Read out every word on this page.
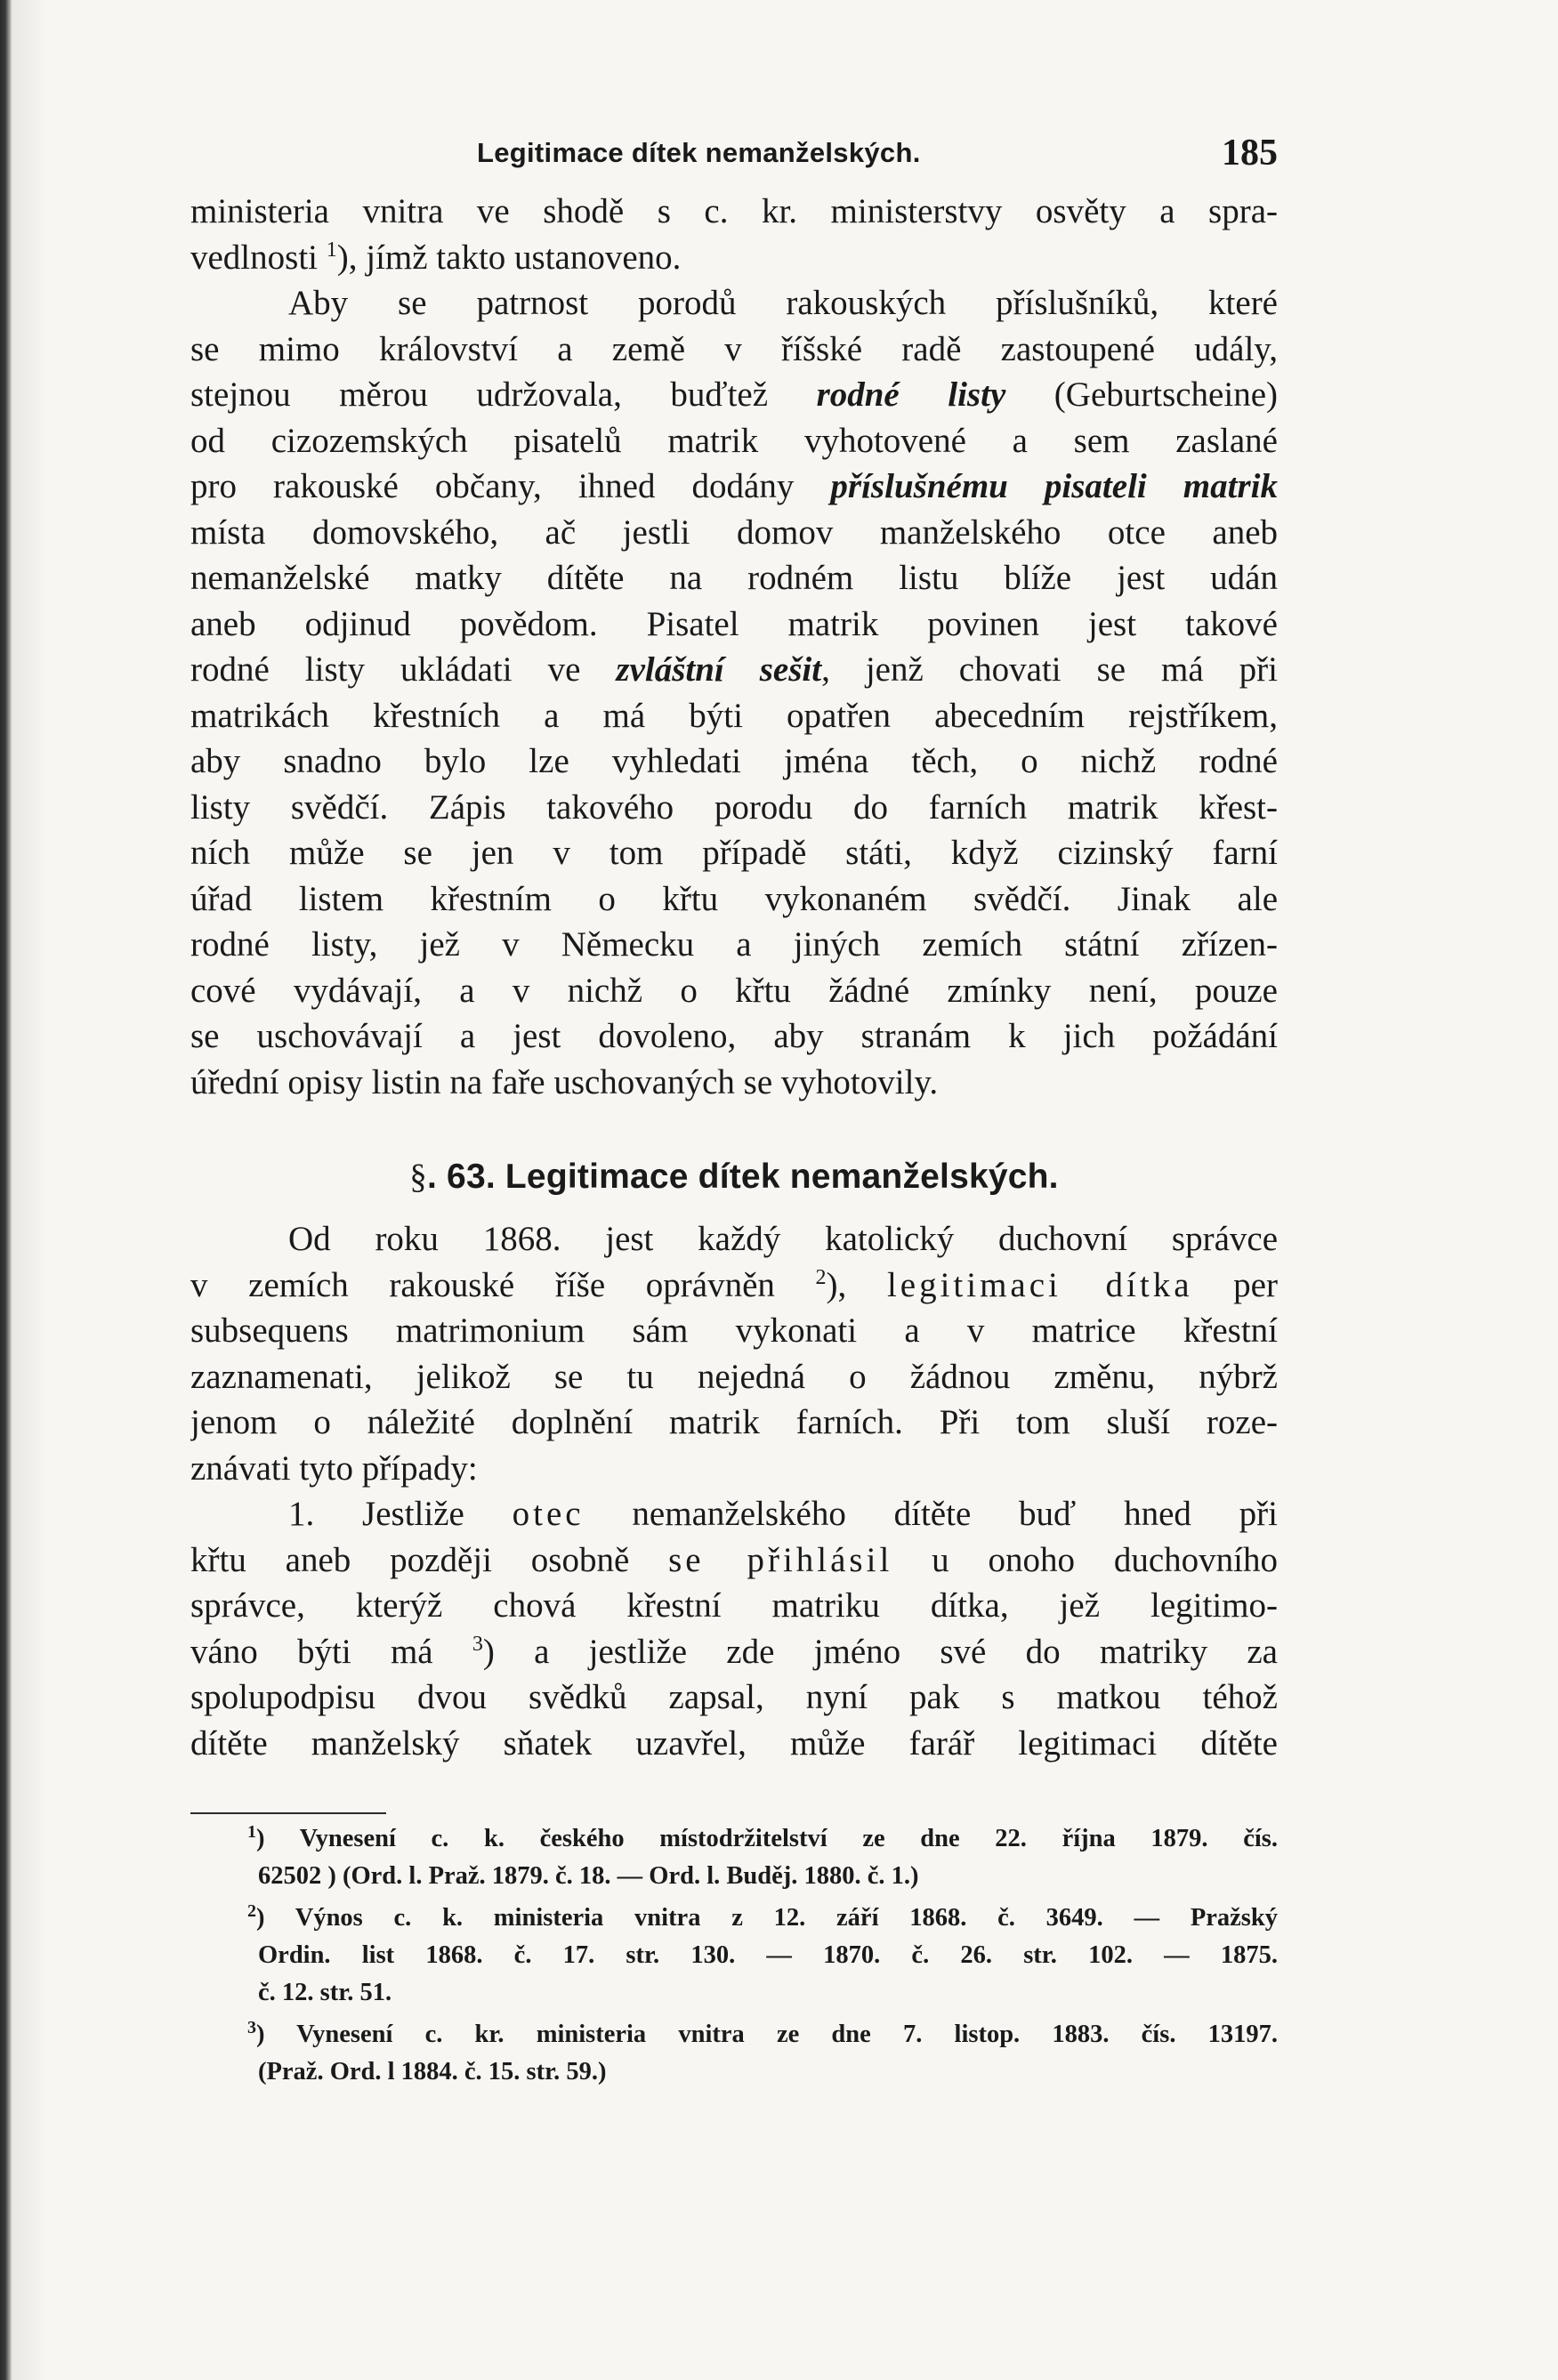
Legitimace dítek nemanželských.	185

ministeria vnitra ve shodě s c. kr. ministerstvy osvěty a spra-

vedlnosti $^1$), jímž takto ustanoveno.

Aby se patrnost porodů rakouských příslušníků, které

se mimo království a země v říšské radě zastoupené udály,

stejnou měrou udržovala, buďtež rodné listy (Geburtscheine)

od cizozemských pisatelů matrik vyhotovené a sem zaslané

pro rakouské občany, ihned dodány příslušnému pisateli matrik

místa domovského, ač jestli domov manželského otce aneb

nemanželské matky dítěte na rodném listu blíže jest udán

aneb odjinud povědom. Pisatel matrik povinen jest takové

rodné listy ukládati ve zvláštní sešit, jenž chovati se má při

matrikách křestních a má býti opatřen abecedním rejstříkem,

aby snadno bylo lze vyhledati jména těch, o nichž rodné

listy svědčí. Zápis takového porodu do farních matrik křest-

ních může se jen v tom případě státi, když cizinský farní

úřad listem křestním o křtu vykonaném svědčí. Jinak ale

rodné listy, jež v Německu a jiných zemích státní zřízen-

cové vydávají, a v nichž o křtu žádné zmínky není, pouze

se uschovávají a jest dovoleno, aby stranám k jich požádání

úřední opisy listin na faře uschovaných se vyhotovily.

§. 63. Legitimace dítek nemanželských.

Od roku 1868. jest každý katolický duchovní správce

v zemích rakouské říše oprávněn $^2$), legitimaci dítka per

subsequens matrimonium sám vykonati a v matrice křestní

zaznamenati, jelikož se tu nejedná o žádnou změnu, nýbrž

jenom o náležité doplnění matrik farních. Při tom sluší roze-

znávati tyto případy:

1. Jestliže otec nemanželského dítěte buď hned při

křtu aneb později osobně se přihlásil u onoho duchovního

správce, kterýž chová křestní matriku dítka, jež legitimo-

váno býti má $^3$) a jestliže zde jméno své do matriky za

spolupodpisu dvou svědků zapsal, nyní pak s matkou téhož

dítěte manželský sňatek uzavřel, může farář legitimaci dítěte

$^1$) Vynesení c. k. českého místodržitelství ze dne 22. října 1879. čís.

62502 ) (Ord. l. Praž. 1879. č. 18. — Ord. l. Buděj. 1880. č. 1.)

$^2$) Výnos c. k. ministeria vnitra z 12. září 1868. č. 3649. — Pražský

Ordin. list 1868. č. 17. str. 130. — 1870. č. 26. str. 102. — 1875.

č. 12. str. 51.

$^3$) Vynesení c. kr. ministeria vnitra ze dne 7. listop. 1883. čís. 13197.

(Praž. Ord. l 1884. č. 15. str. 59.)
